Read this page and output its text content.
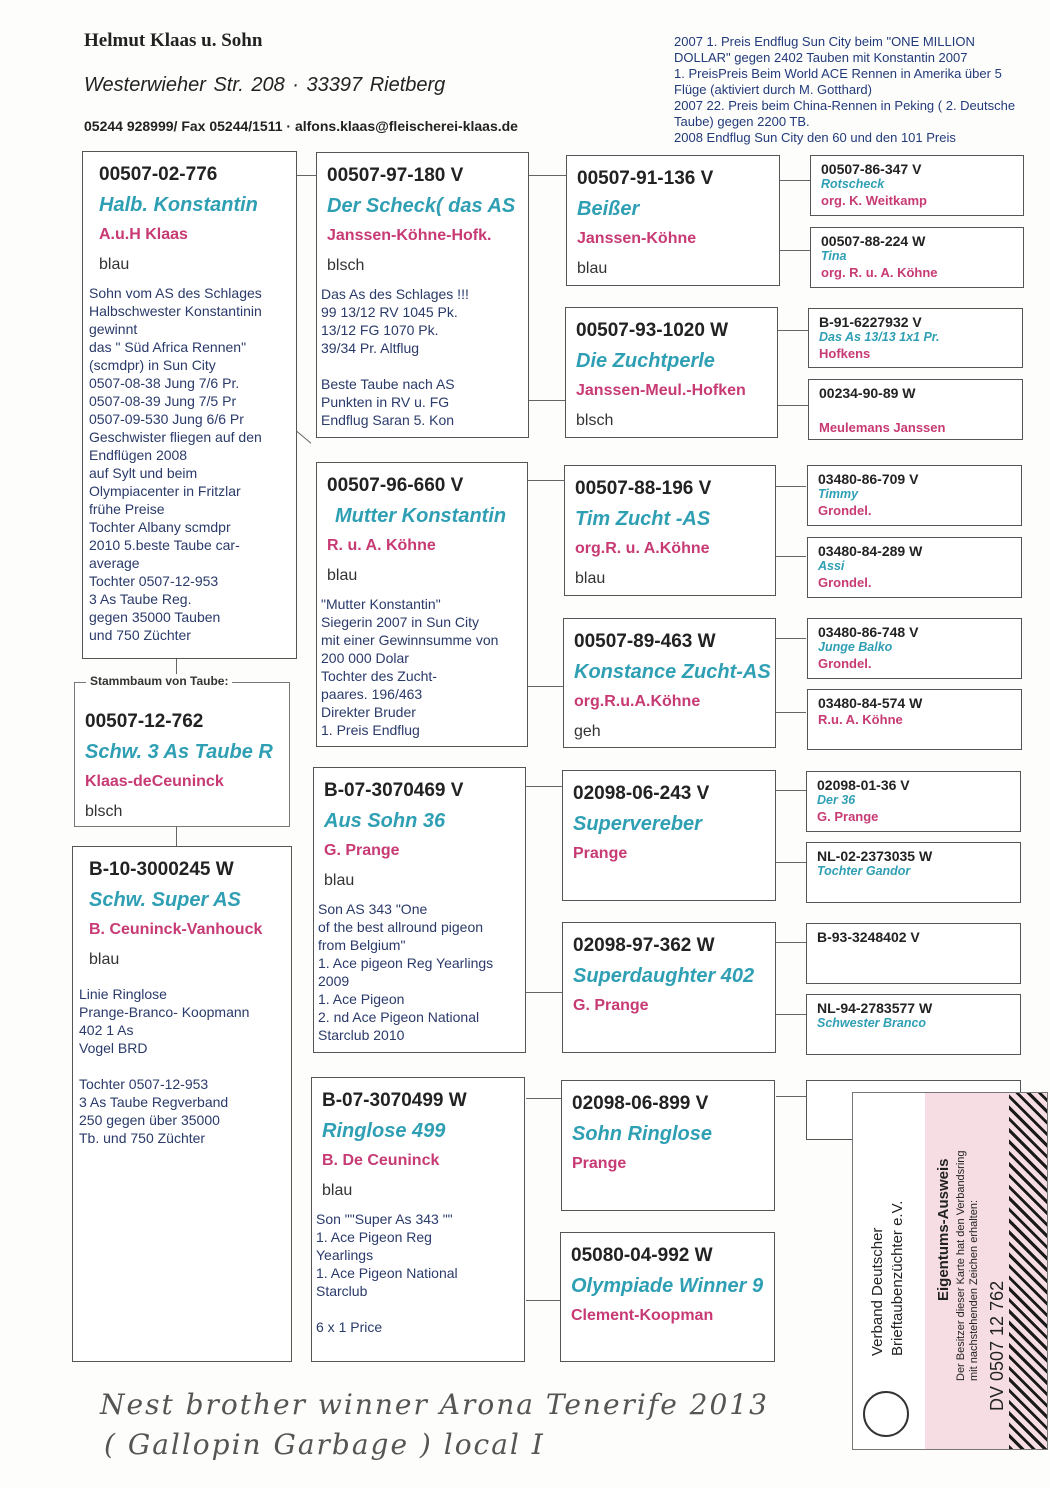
Helmut Klaas u. Sohn
Westerwieher Str. 208 · 33397 Rietberg
05244 928999/ Fax 05244/1511 · alfons.klaas@fleischerei-klaas.de
2007 1. Preis Endflug Sun City beim "ONE MILLION DOLLAR" gegen 2402 Tauben mit Konstantin 2007
1. PreisPreis Beim World ACE Rennen in Amerika über 5 Flüge (aktiviert durch M. Gotthard)
2007 22. Preis beim China-Rennen in Peking ( 2. Deutsche Taube) gegen 2200 TB.
2008 Endflug Sun City den 60 und den 101 Preis
00507-02-776
Halb. Konstantin
A.u.H Klaas
blau
Sohn vom AS des Schlages
Halbschwester Konstantinin
gewinnt
das " Süd Africa Rennen"
(scmdpr) in Sun City
0507-08-38 Jung 7/6 Pr.
0507-08-39 Jung 7/5 Pr
0507-09-530 Jung 6/6 Pr
Geschwister fliegen auf den
Endflügen 2008
auf Sylt und beim
Olympiacenter in Fritzlar
frühe Preise
Tochter Albany scmdpr
2010 5.beste Taube car-
average
Tochter 0507-12-953
3 As Taube Reg.
gegen 35000 Tauben
und 750 Züchter
00507-12-762
Schw. 3 As Taube R
Klaas-deCeuninck
blsch
Stammbaum von Taube:
B-10-3000245 W
Schw. Super AS
B. Ceuninck-Vanhouck
blau
Linie Ringlose
Prange-Branco- Koopmann
402 1 As
Vogel BRD

Tochter 0507-12-953
3 As Taube Regverband
250 gegen über 35000
Tb. und 750 Züchter
00507-97-180 V
Der Scheck( das AS
Janssen-Köhne-Hofk.
blsch
Das As des Schlages !!!
99 13/12 RV 1045 Pk.
13/12 FG 1070 Pk.
39/34 Pr. Altflug

Beste Taube nach AS
Punkten in RV u. FG
Endflug Saran 5. Kon
00507-96-660 V
Mutter Konstantin
R. u. A. Köhne
blau
"Mutter Konstantin"
Siegerin 2007 in Sun City
mit einer Gewinnsumme von
200 000 Dolar
Tochter des Zucht-
paares. 196/463
Direkter Bruder
1. Preis Endflug
B-07-3070469 V
Aus Sohn 36
G. Prange
blau
Son AS 343 "One
of the best allround pigeon
from Belgium"
1. Ace pigeon Reg Yearlings
2009
1. Ace Pigeon
2. nd Ace Pigeon National
Starclub 2010
B-07-3070499 W
Ringlose 499
B. De Ceuninck
blau
Son ""Super As 343 ""
1. Ace Pigeon Reg
Yearlings
1. Ace Pigeon National
Starclub

6 x 1 Price
00507-91-136 V
Beißer
Janssen-Köhne
blau
00507-93-1020 W
Die Zuchtperle
Janssen-Meul.-Hofken
blsch
00507-88-196 V
Tim Zucht -AS
org.R. u. A.Köhne
blau
00507-89-463 W
Konstance Zucht-AS
org.R.u.A.Köhne
geh
02098-06-243 V
Supervereber
Prange
02098-97-362 W
Superdaughter 402
G. Prange
02098-06-899 V
Sohn Ringlose
Prange
05080-04-992 W
Olympiade Winner 9
Clement-Koopman
00507-86-347 V
Rotscheck
org. K. Weitkamp
00507-88-224 W
Tina
org. R. u. A. Köhne
B-91-6227932 V
Das As 13/13 1x1 Pr.
Hofkens
00234-90-89 W
Meulemans Janssen
03480-86-709 V
Timmy
Grondel.
03480-84-289 W
Assi
Grondel.
03480-86-748 V
Junge Balko
Grondel.
03480-84-574 W
R.u. A. Köhne
02098-01-36 V
Der 36
G. Prange
NL-02-2373035 W
Tochter Gandor
B-93-3248402 V
NL-94-2783577 W
Schwester Branco
Nest brother winner Arona Tenerife 2013
( Gallopin Garbage ) local I
Verband Deutscher Brieftaubenzüchter e.V. Eigentums-Ausweis Der Besitzer dieser Karte hat den Verbandsring mit nachstehenden Zeichen erhalten: DV 0507 12 762
